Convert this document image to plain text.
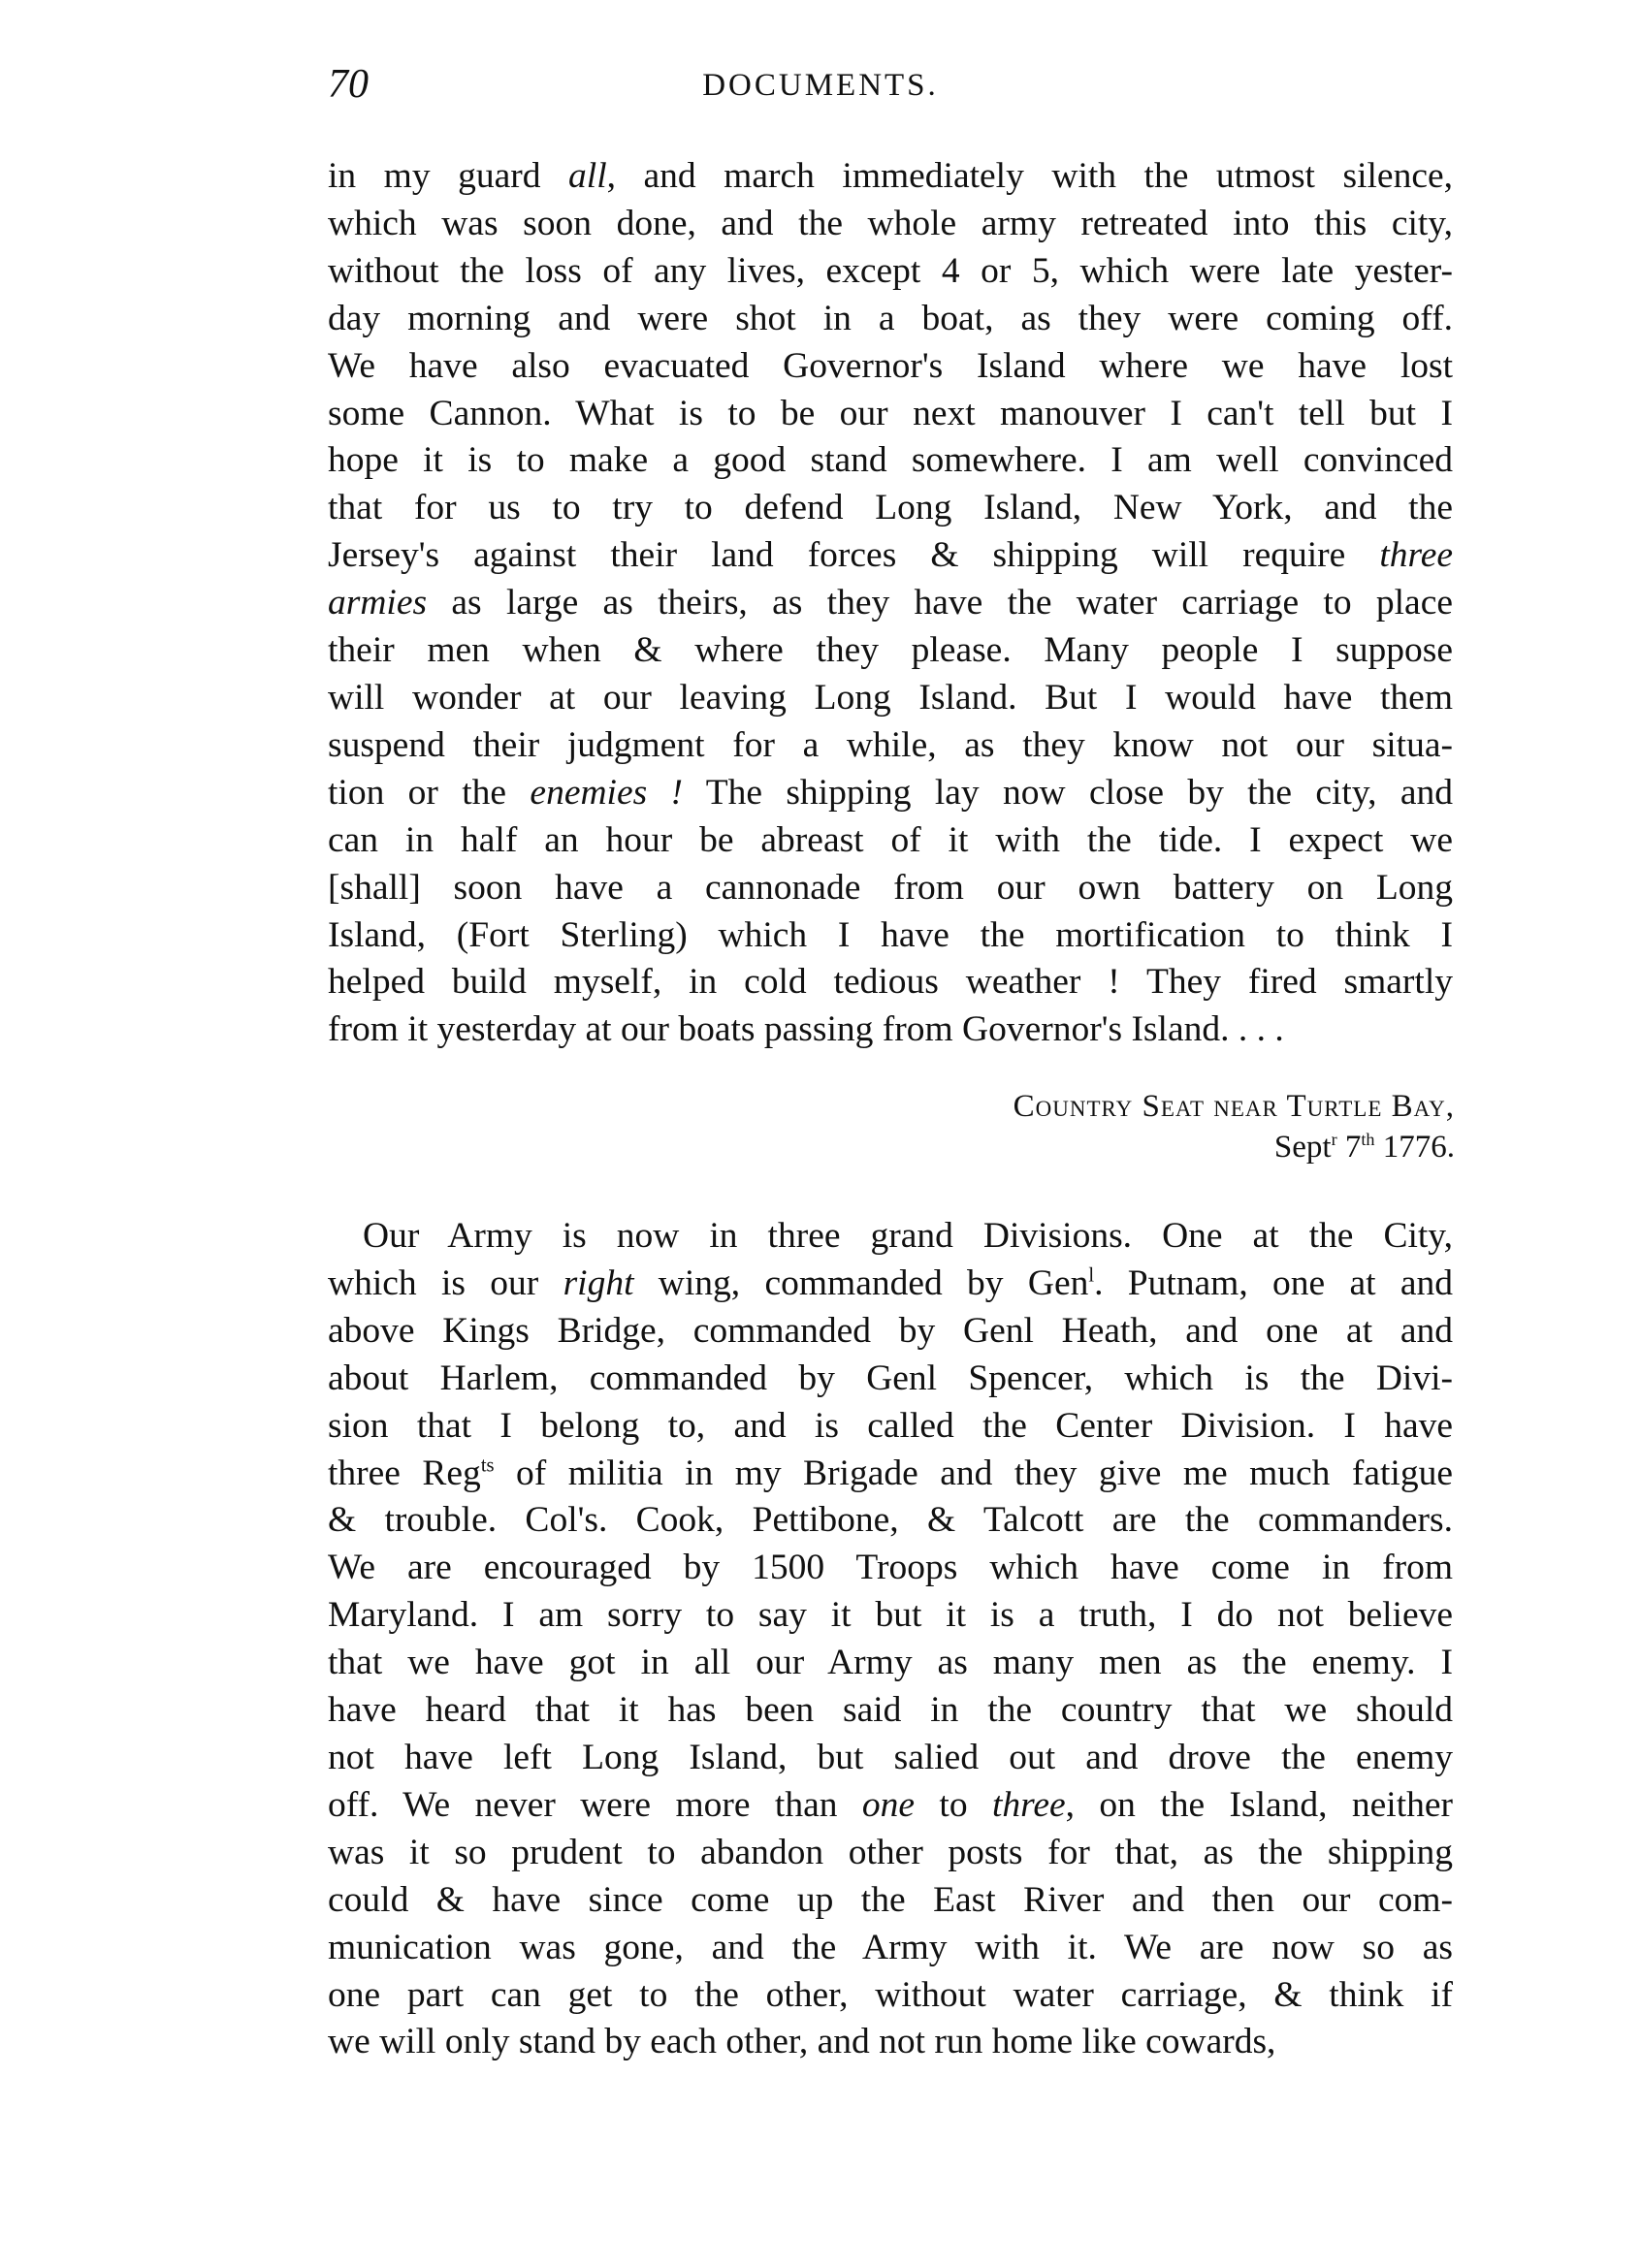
70	DOCUMENTS.
in my guard all, and march immediately with the utmost silence,
which was soon done, and the whole army retreated into this city,
without the loss of any lives, except 4 or 5, which were late yester-
day morning and were shot in a boat, as they were coming off.
We have also evacuated Governor's Island where we have lost
some Cannon. What is to be our next manouver I can't tell but I
hope it is to make a good stand somewhere. I am well convinced
that for us to try to defend Long Island, New York, and the
Jersey's against their land forces & shipping will require three
armies as large as theirs, as they have the water carriage to place
their men when & where they please. Many people I suppose
will wonder at our leaving Long Island. But I would have them
suspend their judgment for a while, as they know not our situa-
tion or the enemies ! The shipping lay now close by the city, and
can in half an hour be abreast of it with the tide. I expect we
[shall] soon have a cannonade from our own battery on Long
Island, (Fort Sterling) which I have the mortification to think I
helped build myself, in cold tedious weather ! They fired smartly
from it yesterday at our boats passing from Governor's Island. . . .
Country Seat near Turtle Bay,
Sept$^r$ 7th 1776.
Our Army is now in three grand Divisions. One at the City,
which is our right wing, commanded by Gen$^l$. Putnam, one at and
above Kings Bridge, commanded by Genl Heath, and one at and
about Harlem, commanded by Genl Spencer, which is the Divi-
sion that I belong to, and is called the Center Division. I have
three Reg$^{ts}$ of militia in my Brigade and they give me much fatigue
& trouble. Col's. Cook, Pettibone, & Talcott are the commanders.
We are encouraged by 1500 Troops which have come in from
Maryland. I am sorry to say it but it is a truth, I do not believe
that we have got in all our Army as many men as the enemy. I
have heard that it has been said in the country that we should
not have left Long Island, but salied out and drove the enemy
off. We never were more than one to three, on the Island, neither
was it so prudent to abandon other posts for that, as the shipping
could & have since come up the East River and then our com-
munication was gone, and the Army with it. We are now so as
one part can get to the other, without water carriage, & think if
we will only stand by each other, and not run home like cowards,
